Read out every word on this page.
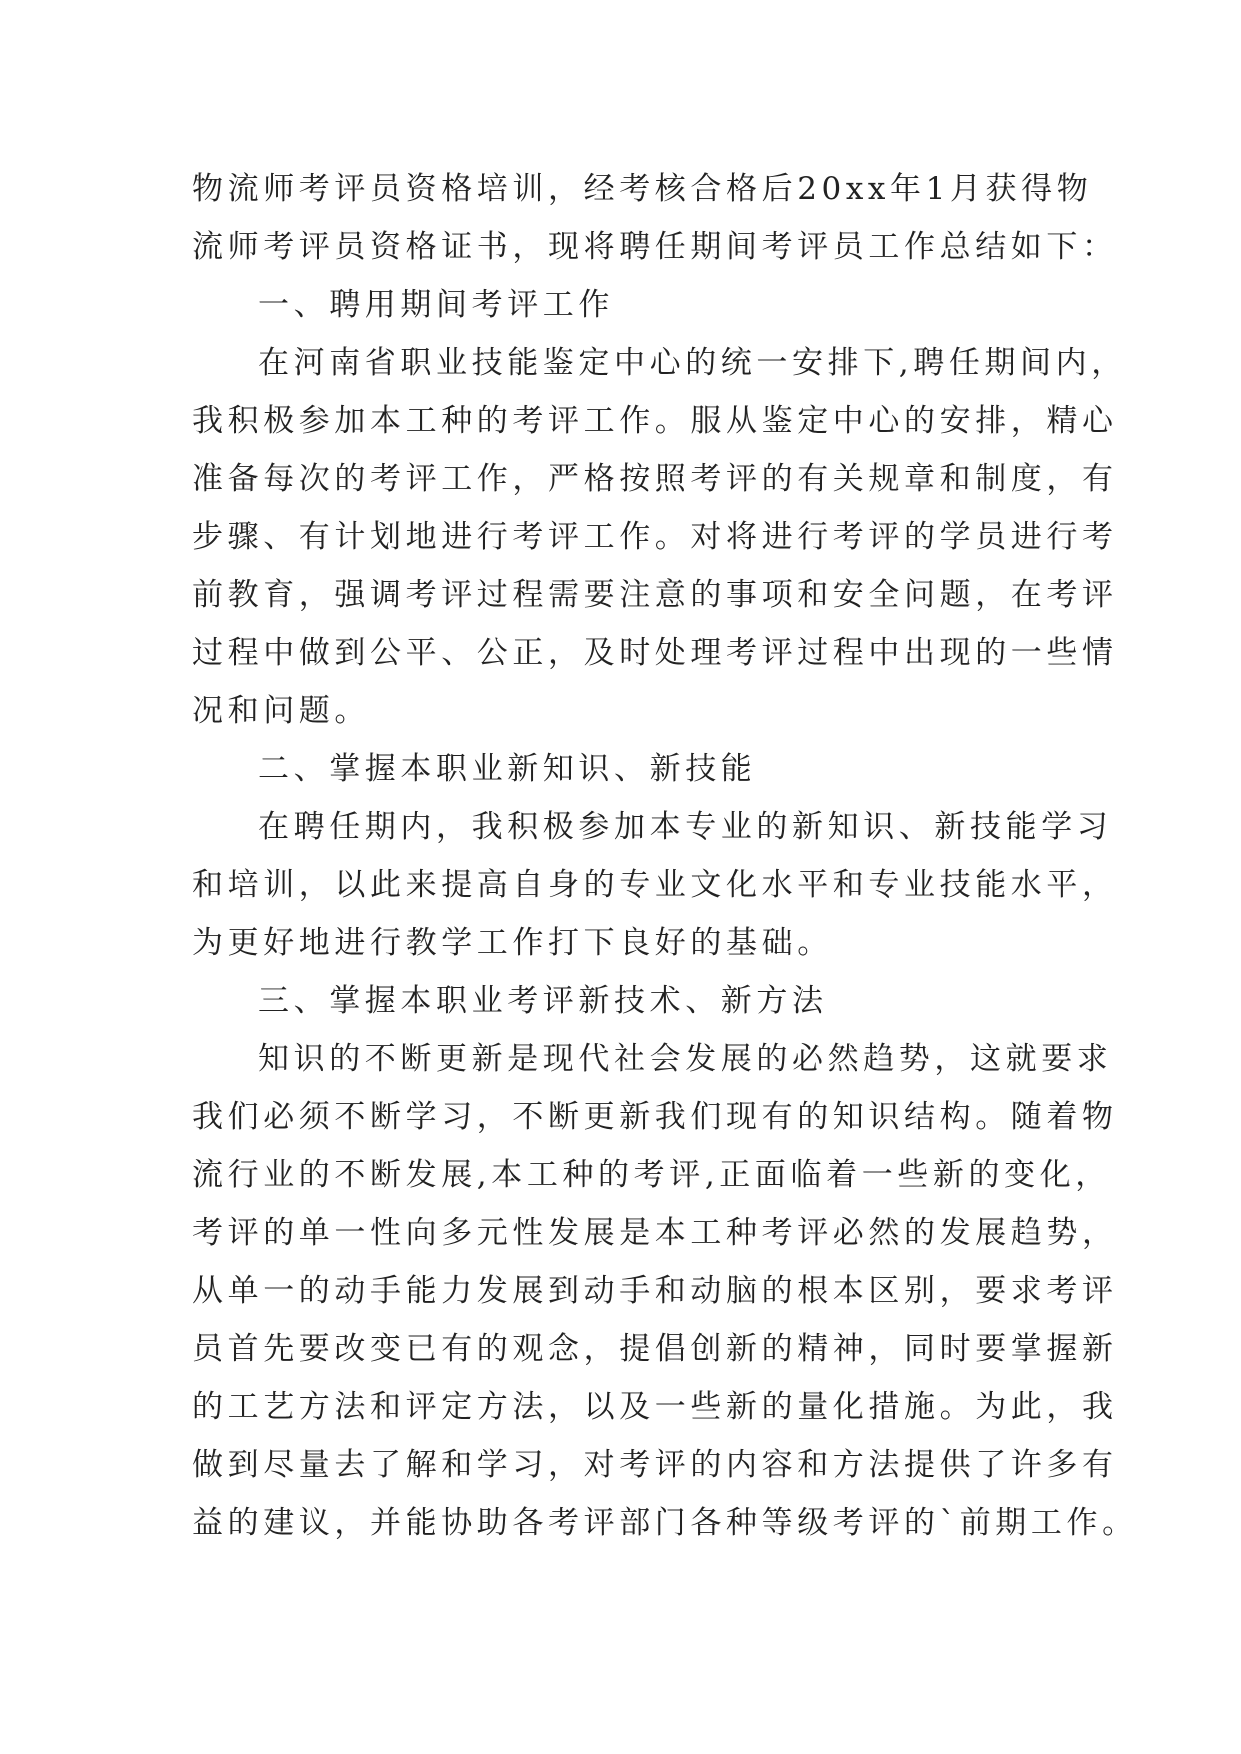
物流师考评员资格培训，经考核合格后20xx年1月获得物
流师考评员资格证书，现将聘任期间考评员工作总结如下：
一、聘用期间考评工作
在河南省职业技能鉴定中心的统一安排下,聘任期间内，
我积极参加本工种的考评工作。服从鉴定中心的安排，精心
准备每次的考评工作，严格按照考评的有关规章和制度，有
步骤、有计划地进行考评工作。对将进行考评的学员进行考
前教育，强调考评过程需要注意的事项和安全问题，在考评
过程中做到公平、公正，及时处理考评过程中出现的一些情
况和问题。
二、掌握本职业新知识、新技能
在聘任期内，我积极参加本专业的新知识、新技能学习
和培训，以此来提高自身的专业文化水平和专业技能水平，
为更好地进行教学工作打下良好的基础。
三、掌握本职业考评新技术、新方法
知识的不断更新是现代社会发展的必然趋势，这就要求
我们必须不断学习，不断更新我们现有的知识结构。随着物
流行业的不断发展,本工种的考评,正面临着一些新的变化，
考评的单一性向多元性发展是本工种考评必然的发展趋势，
从单一的动手能力发展到动手和动脑的根本区别，要求考评
员首先要改变已有的观念，提倡创新的精神，同时要掌握新
的工艺方法和评定方法，以及一些新的量化措施。为此，我
做到尽量去了解和学习，对考评的内容和方法提供了许多有
益的建议，并能协助各考评部门各种等级考评的`前期工作。
